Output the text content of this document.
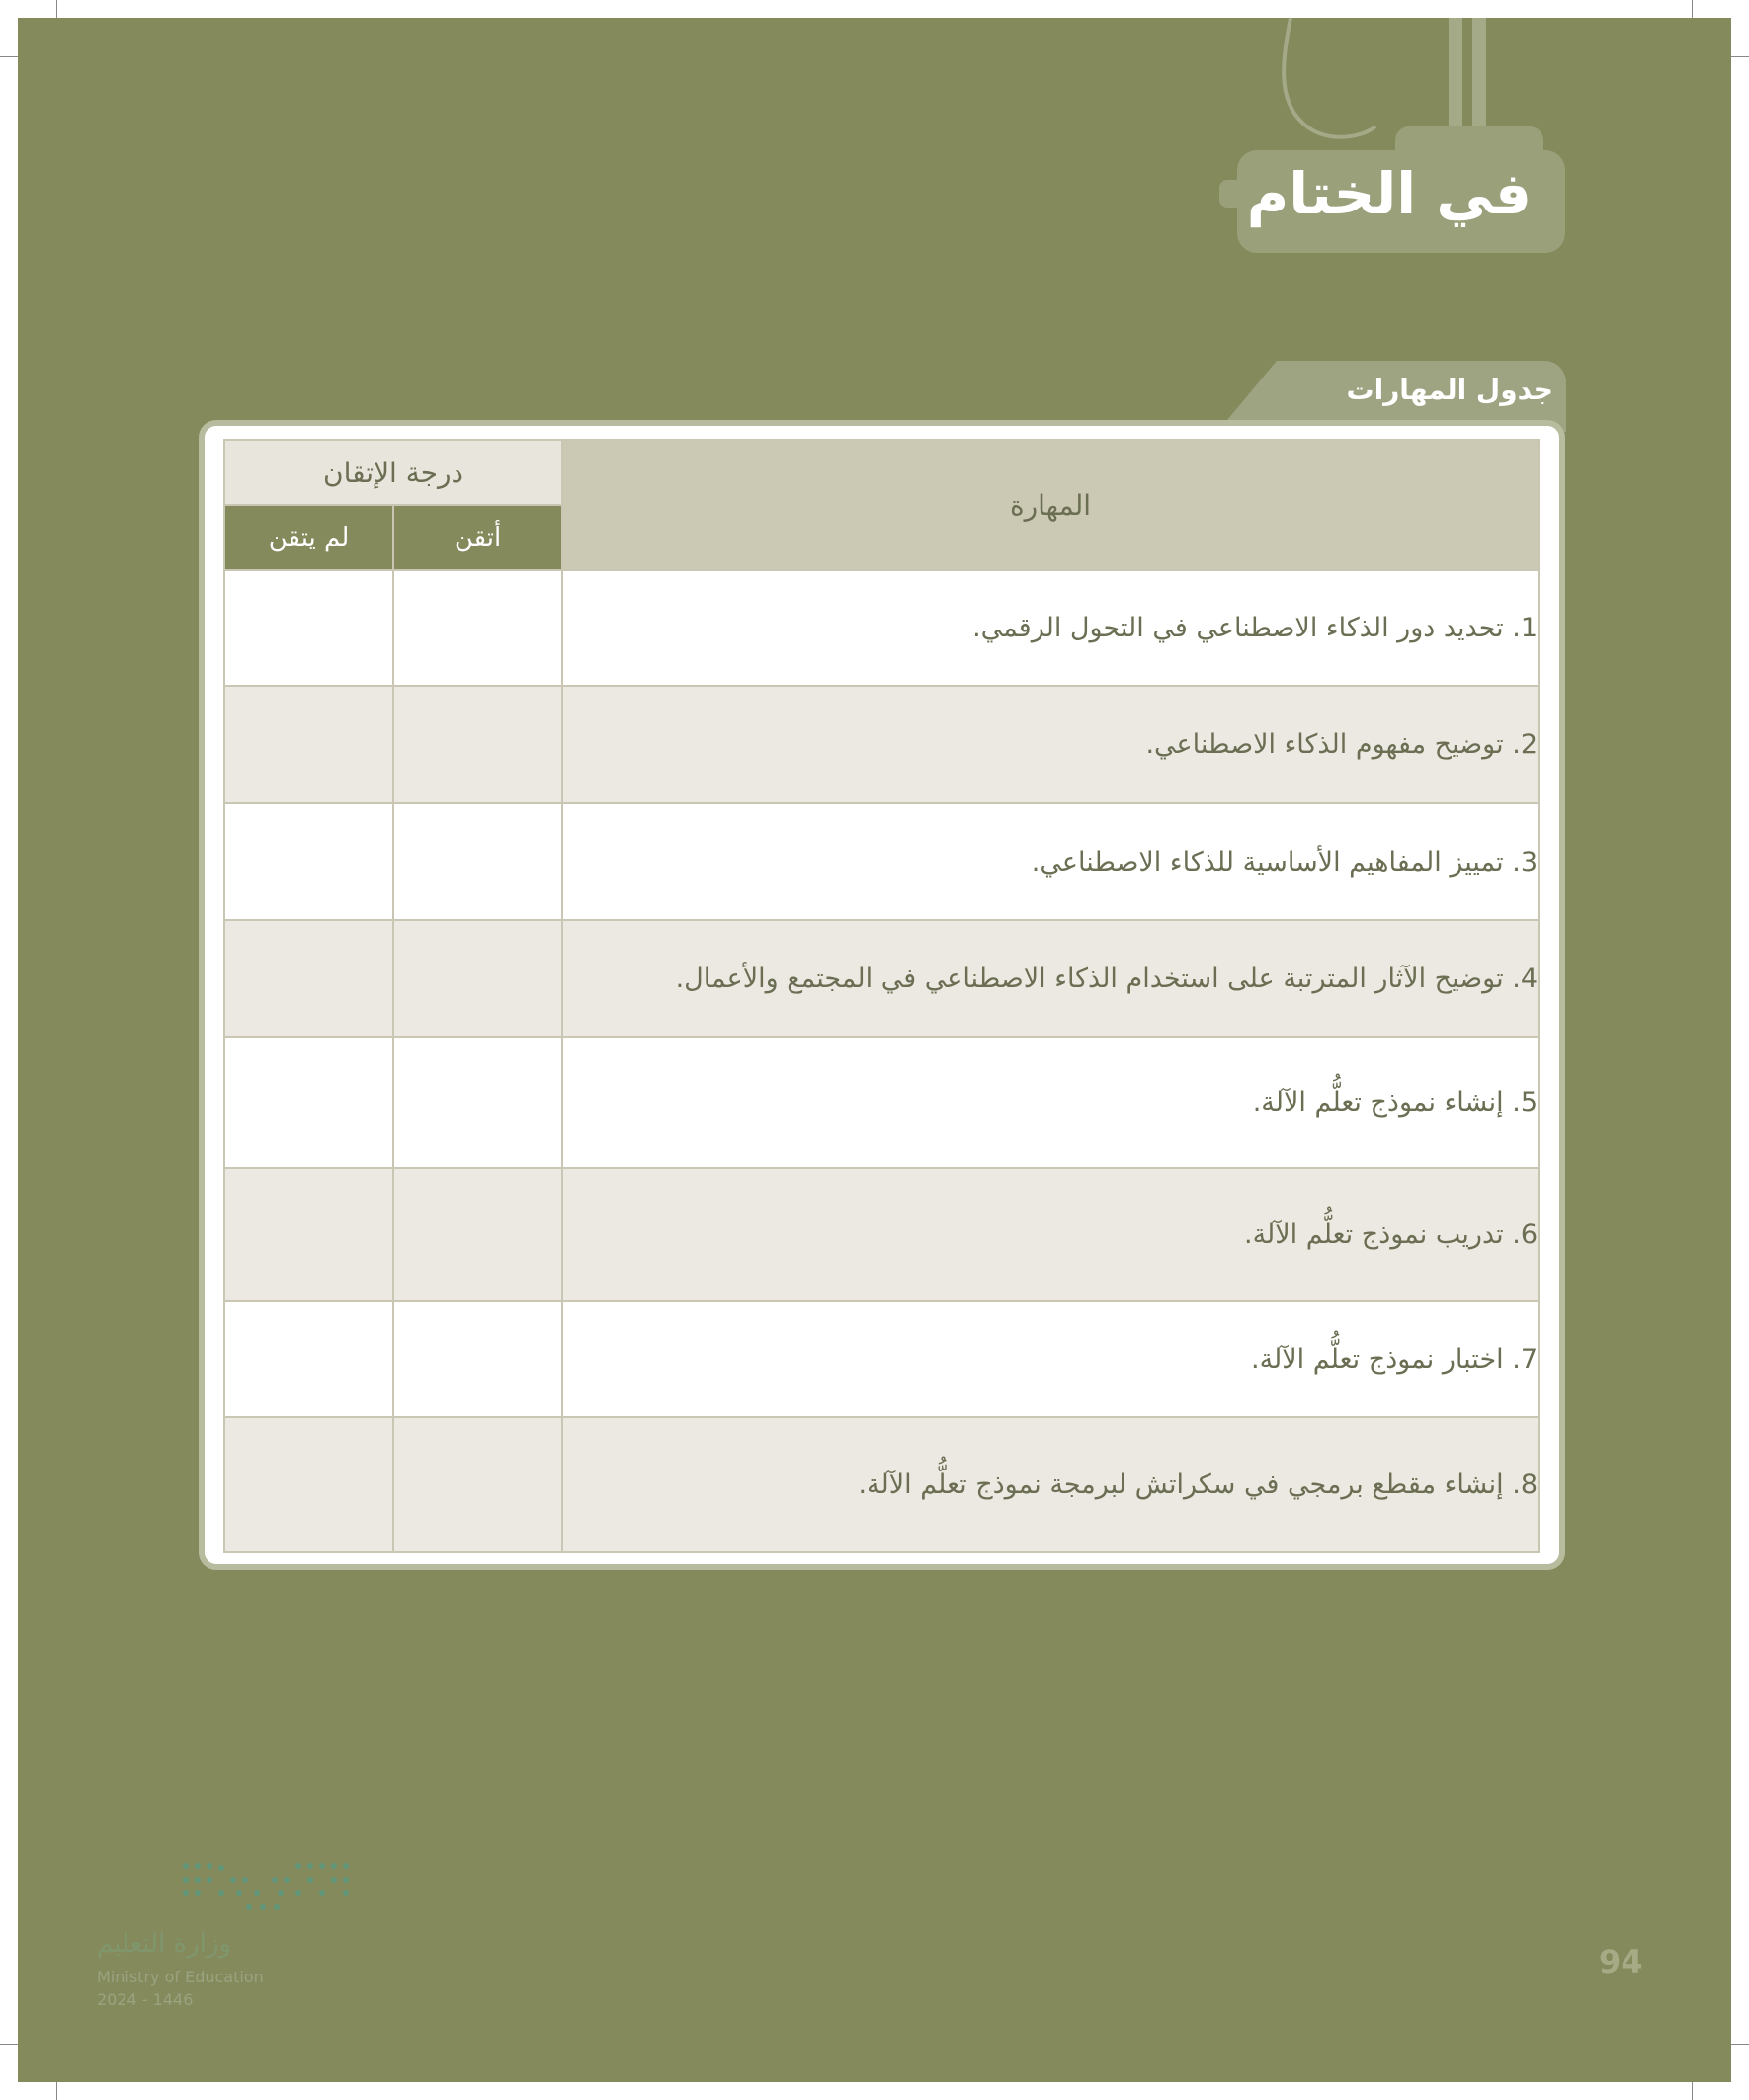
في الختام
جدول المهارات
المهارة	درجة الإتقان	
	أتقن	لم يتقن
1. تحديد دور الذكاء الاصطناعي في التحول الرقمي.		
2. توضيح مفهوم الذكاء الاصطناعي.		
3. تمييز المفاهيم الأساسية للذكاء الاصطناعي.		
4. توضيح الآثار المترتبة على استخدام الذكاء الاصطناعي في المجتمع والأعمال.		
5. إنشاء نموذج تعلُّم الآلة.		
6. تدريب نموذج تعلُّم الآلة.		
7. اختبار نموذج تعلُّم الآلة.		
8. إنشاء مقطع برمجي في سكراتش لبرمجة نموذج تعلُّم الآلة.		
94
وزارة التعليم
Ministry of Education
2024 - 1446
